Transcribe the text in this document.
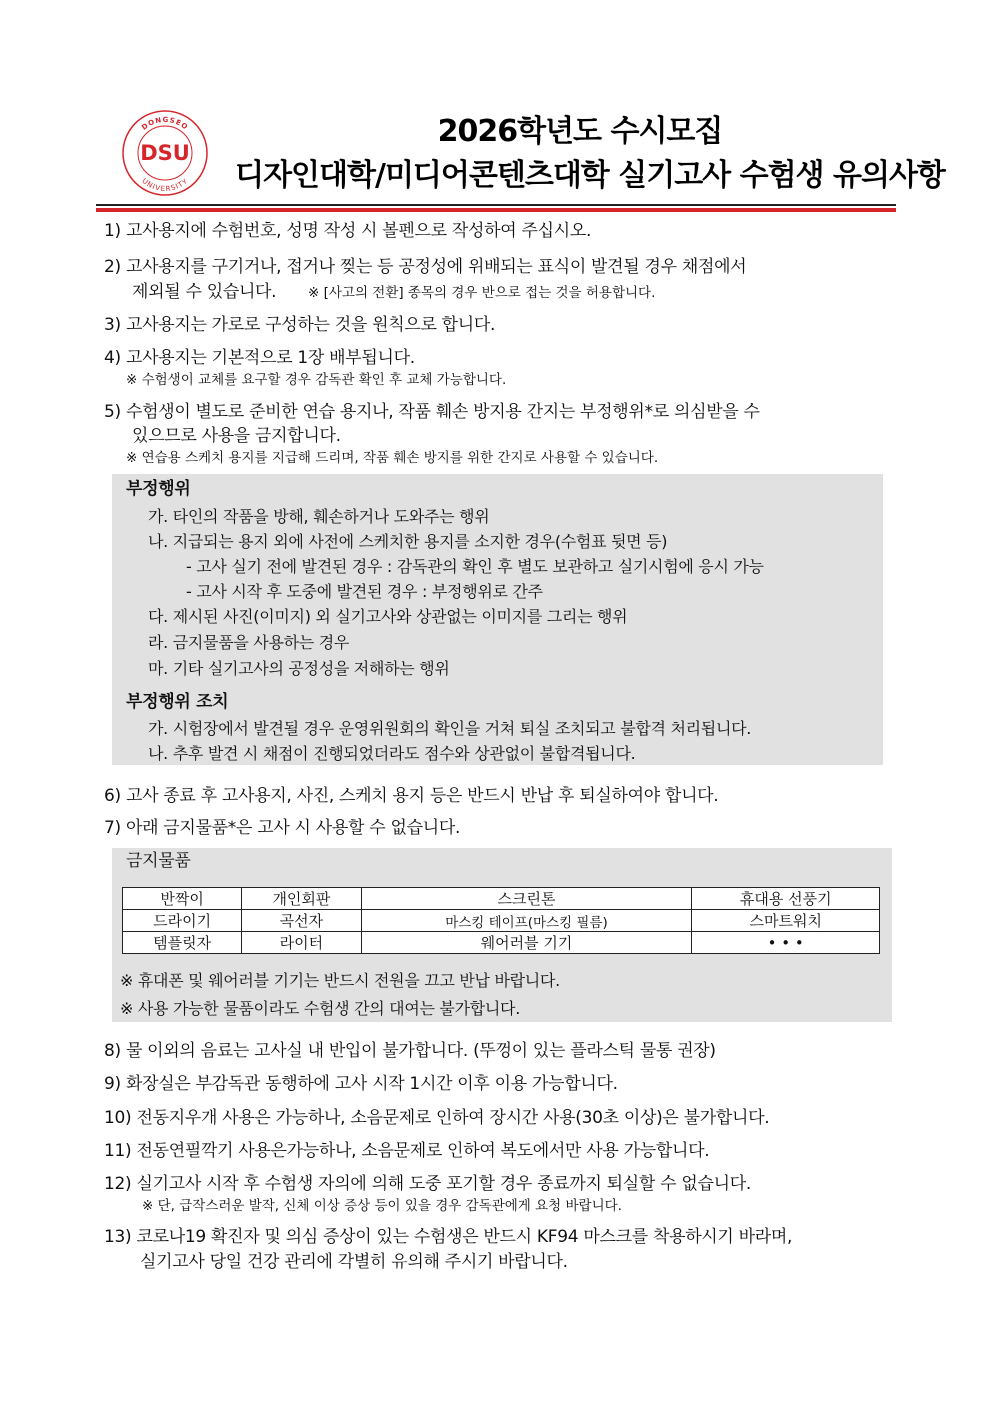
DONGSEO
UNIVERSITY
DSU
2026학년도 수시모집
디자인대학/미디어콘텐츠대학 실기고사 수험생 유의사항
1) 고사용지에 수험번호, 성명 작성 시 볼펜으로 작성하여 주십시오.
2) 고사용지를 구기거나, 접거나 찢는 등 공정성에 위배되는 표식이 발견될 경우 채점에서
제외될 수 있습니다. ※ [사고의 전환] 종목의 경우 반으로 접는 것을 허용합니다.
3) 고사용지는 가로로 구성하는 것을 원칙으로 합니다.
4) 고사용지는 기본적으로 1장 배부됩니다.
※ 수험생이 교체를 요구할 경우 감독관 확인 후 교체 가능합니다.
5) 수험생이 별도로 준비한 연습 용지나, 작품 훼손 방지용 간지는 부정행위*로 의심받을 수
있으므로 사용을 금지합니다.
※ 연습용 스케치 용지를 지급해 드리며, 작품 훼손 방지를 위한 간지로 사용할 수 있습니다.
부정행위
가. 타인의 작품을 방해, 훼손하거나 도와주는 행위
나. 지급되는 용지 외에 사전에 스케치한 용지를 소지한 경우(수험표 뒷면 등)
- 고사 실기 전에 발견된 경우 : 감독관의 확인 후 별도 보관하고 실기시험에 응시 가능
- 고사 시작 후 도중에 발견된 경우 : 부정행위로 간주
다. 제시된 사진(이미지) 외 실기고사와 상관없는 이미지를 그리는 행위
라. 금지물품을 사용하는 경우
마. 기타 실기고사의 공정성을 저해하는 행위
부정행위 조치
가. 시험장에서 발견될 경우 운영위원회의 확인을 거쳐 퇴실 조치되고 불합격 처리됩니다.
나. 추후 발견 시 채점이 진행되었더라도 점수와 상관없이 불합격됩니다.
6) 고사 종료 후 고사용지, 사진, 스케치 용지 등은 반드시 반납 후 퇴실하여야 합니다.
7) 아래 금지물품*은 고사 시 사용할 수 없습니다.
금지물품
반짝이	개인회판	스크린톤	휴대용 선풍기
드라이기	곡선자	마스킹 테이프(마스킹 필름)	스마트워치
템플릿자	라이터	웨어러블 기기	• • •
※ 휴대폰 및 웨어러블 기기는 반드시 전원을 끄고 반납 바랍니다.
※ 사용 가능한 물품이라도 수험생 간의 대여는 불가합니다.
8) 물 이외의 음료는 고사실 내 반입이 불가합니다. (뚜껑이 있는 플라스틱 물통 권장)
9) 화장실은 부감독관 동행하에 고사 시작 1시간 이후 이용 가능합니다.
10) 전동지우개 사용은 가능하나, 소음문제로 인하여 장시간 사용(30초 이상)은 불가합니다.
11) 전동연필깍기 사용은가능하나, 소음문제로 인하여 복도에서만 사용 가능합니다.
12) 실기고사 시작 후 수험생 자의에 의해 도중 포기할 경우 종료까지 퇴실할 수 없습니다.
※ 단, 급작스러운 발작, 신체 이상 증상 등이 있을 경우 감독관에게 요청 바랍니다.
13) 코로나19 확진자 및 의심 증상이 있는 수험생은 반드시 KF94 마스크를 착용하시기 바라며,
실기고사 당일 건강 관리에 각별히 유의해 주시기 바랍니다.
